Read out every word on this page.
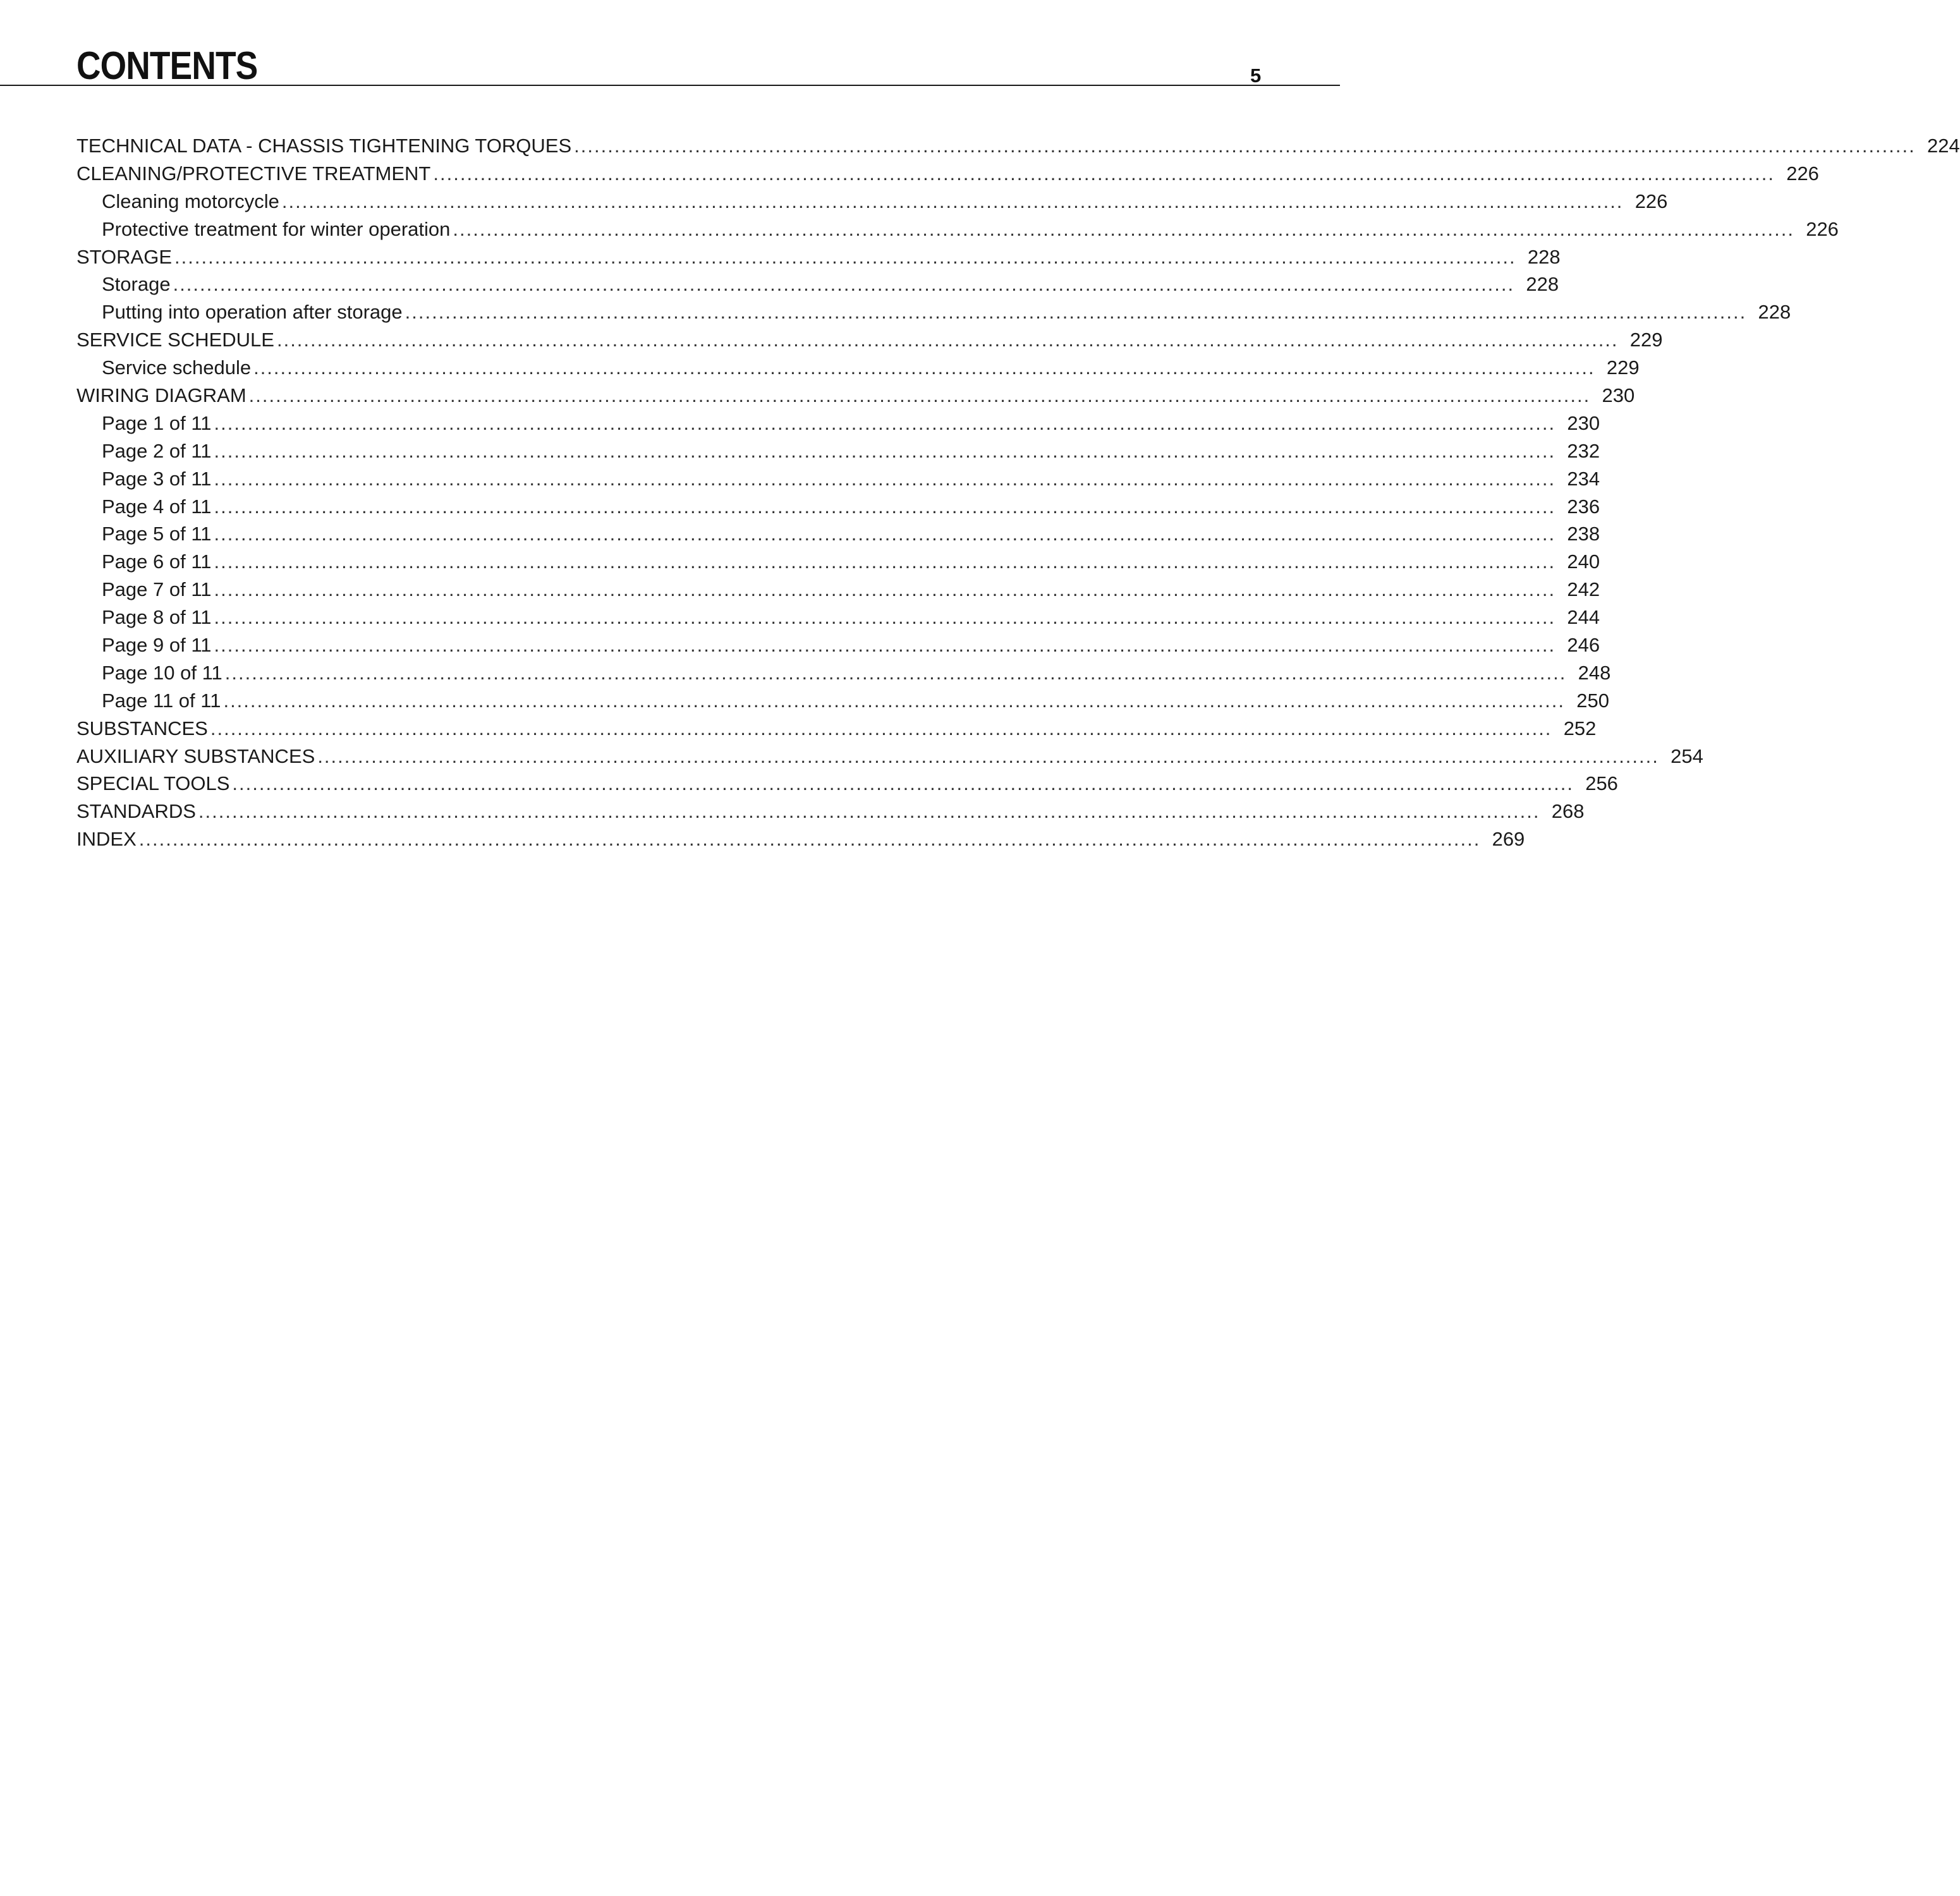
CONTENTS	5
TECHNICAL DATA - CHASSIS TIGHTENING TORQUES ........................................................................................................................................................................................................ 224
CLEANING/PROTECTIVE TREATMENT ........................................................................................................................................................................................................ 226
Cleaning motorcycle ........................................................................................................................................................................................................ 226
Protective treatment for winter operation ........................................................................................................................................................................................................ 226
STORAGE ........................................................................................................................................................................................................ 228
Storage ........................................................................................................................................................................................................ 228
Putting into operation after storage ........................................................................................................................................................................................................ 228
SERVICE SCHEDULE ........................................................................................................................................................................................................ 229
Service schedule ........................................................................................................................................................................................................ 229
WIRING DIAGRAM ........................................................................................................................................................................................................ 230
Page 1 of 11 ........................................................................................................................................................................................................ 230
Page 2 of 11 ........................................................................................................................................................................................................ 232
Page 3 of 11 ........................................................................................................................................................................................................ 234
Page 4 of 11 ........................................................................................................................................................................................................ 236
Page 5 of 11 ........................................................................................................................................................................................................ 238
Page 6 of 11 ........................................................................................................................................................................................................ 240
Page 7 of 11 ........................................................................................................................................................................................................ 242
Page 8 of 11 ........................................................................................................................................................................................................ 244
Page 9 of 11 ........................................................................................................................................................................................................ 246
Page 10 of 11 ........................................................................................................................................................................................................ 248
Page 11 of 11 ........................................................................................................................................................................................................ 250
SUBSTANCES ........................................................................................................................................................................................................ 252
AUXILIARY SUBSTANCES ........................................................................................................................................................................................................ 254
SPECIAL TOOLS ........................................................................................................................................................................................................ 256
STANDARDS ........................................................................................................................................................................................................ 268
INDEX ........................................................................................................................................................................................................ 269
